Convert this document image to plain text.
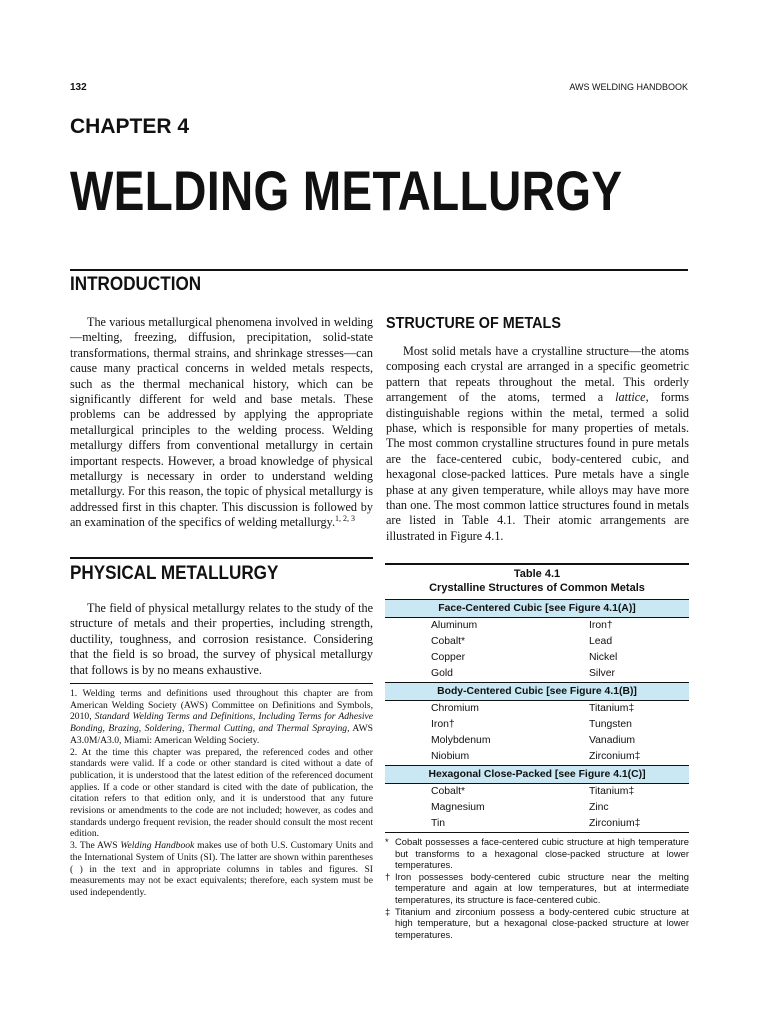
132	AWS WELDING HANDBOOK
CHAPTER 4
WELDING METALLURGY
INTRODUCTION

The various metallurgical phenomena involved in welding—melting, freezing, diffusion, precipitation, solid-state transformations, thermal strains, and shrinkage stresses—can cause many practical concerns in welded metals respects, such as the thermal mechanical history, which can be significantly different for weld and base metals. These problems can be addressed by applying the appropriate metallurgical principles to the welding process. Welding metallurgy differs from conventional metallurgy in certain important respects. However, a broad knowledge of physical metallurgy is necessary in order to understand welding metallurgy. For this reason, the topic of physical metallurgy is addressed first in this chapter. This discussion is followed by an examination of the specifics of welding metallurgy.$^{1, 2, 3}$

PHYSICAL METALLURGY

The field of physical metallurgy relates to the study of the structure of metals and their properties, including strength, ductility, toughness, and corrosion resistance. Considering that the field is so broad, the survey of physical metallurgy that follows is by no means exhaustive.

1. Welding terms and definitions used throughout this chapter are from American Welding Society (AWS) Committee on Definitions and Symbols, 2010, Standard Welding Terms and Definitions, Including Terms for Adhesive Bonding, Brazing, Soldering, Thermal Cutting, and Thermal Spraying, AWS A3.0M/A3.0, Miami: American Welding Society.

2. At the time this chapter was prepared, the referenced codes and other standards were valid. If a code or other standard is cited without a date of publication, it is understood that the latest edition of the referenced document applies. If a code or other standard is cited with the date of publication, the citation refers to that edition only, and it is understood that any future revisions or amendments to the code are not included; however, as codes and standards undergo frequent revision, the reader should consult the most recent edition.

3. The AWS Welding Handbook makes use of both U.S. Customary Units and the International System of Units (SI). The latter are shown within parentheses ( ) in the text and in appropriate columns in tables and figures. SI measurements may not be exact equivalents; therefore, each system must be used independently.

STRUCTURE OF METALS

Most solid metals have a crystalline structure—the atoms composing each crystal are arranged in a specific geometric pattern that repeats throughout the metal. This orderly arrangement of the atoms, termed a lattice, forms distinguishable regions within the metal, termed a solid phase, which is responsible for many properties of metals. The most common crystalline structures found in pure metals are the face-centered cubic, body-centered cubic, and hexagonal close-packed lattices. Pure metals have a single phase at any given temperature, while alloys may have more than one. The most common lattice structures found in metals are listed in Table 4.1. Their atomic arrangements are illustrated in Figure 4.1.

Table 4.1
Crystalline Structures of Common Metals
Face-Centered Cubic [see Figure 4.1(A)]
Aluminum	Iron†
Cobalt*	Lead
Copper	Nickel
Gold	Silver
Body-Centered Cubic [see Figure 4.1(B)]
Chromium	Titanium‡
Iron†	Tungsten
Molybdenum	Vanadium
Niobium	Zirconium‡
Hexagonal Close-Packed [see Figure 4.1(C)]
Cobalt*	Titanium‡
Magnesium	Zinc
Tin	Zirconium‡
* Cobalt possesses a face-centered cubic structure at high temperature but transforms to a hexagonal close-packed structure at lower temperatures.
† Iron possesses body-centered cubic structure near the melting temperature and again at low temperatures, but at intermediate temperatures, its structure is face-centered cubic.
‡ Titanium and zirconium possess a body-centered cubic structure at high temperature, but a hexagonal close-packed structure at lower temperatures.
